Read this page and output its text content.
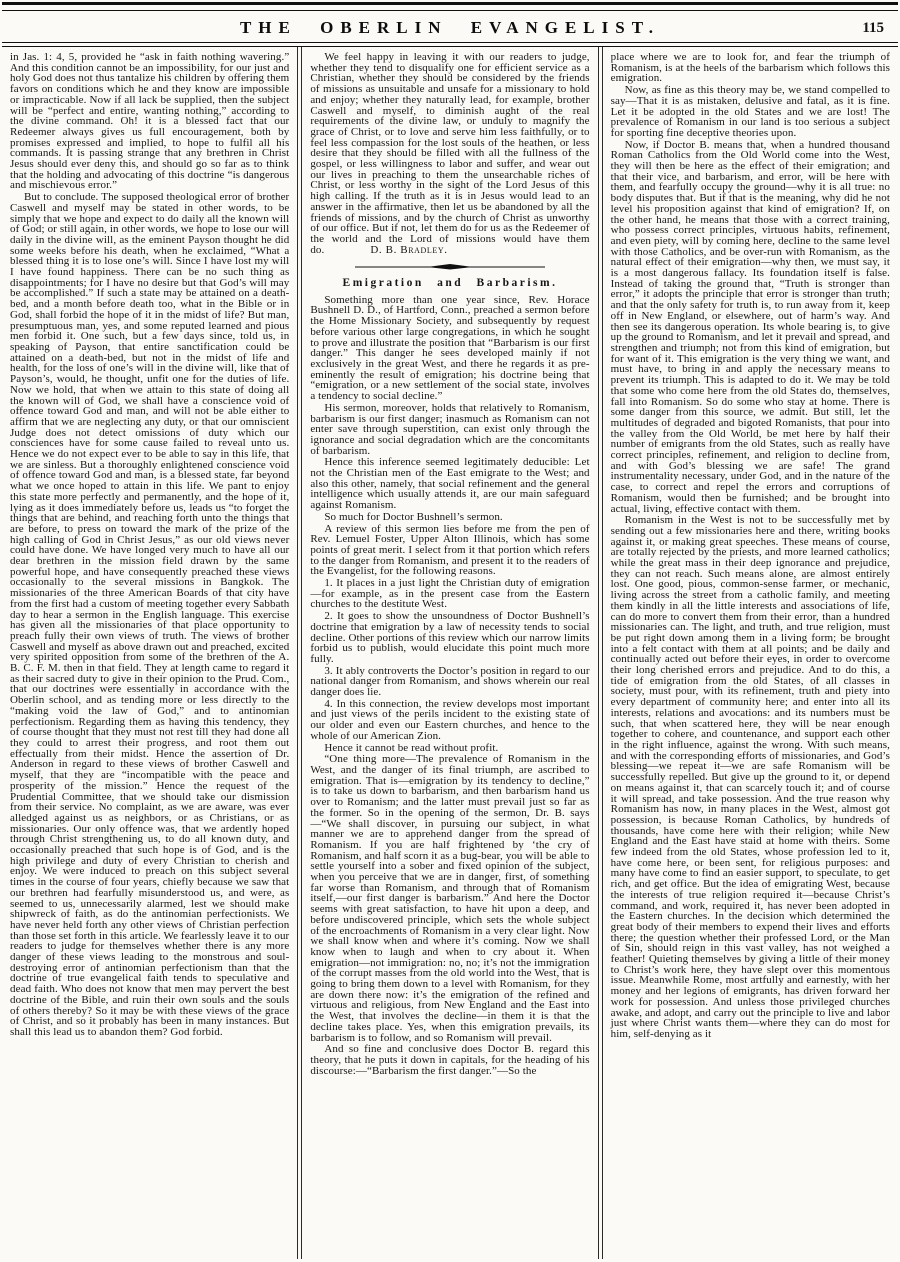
THE OBERLIN EVANGELIST.	115

in Jas. 1: 4, 5, provided he “ask in faith nothing wavering.” And this condition cannot be an impossibility, for our just and holy God does not thus tantalize his children by offering them favors on conditions which he and they know are impossible or impracticable. Now if all lack be supplied, then the subject will be “perfect and entire, wanting nothing,” according to the divine command. Oh! it is a blessed fact that our Redeemer always gives us full encouragement, both by promises expressed and implied, to hope to fulfil all his commands. It is passing strange that any brethren in Christ Jesus should ever deny this, and should go so far as to think that the holding and advocating of this doctrine “is dangerous and mischievous error.”

But to conclude. The supposed theological error of brother Caswell and myself may be stated in other words, to be simply that we hope and expect to do daily all the known will of God; or still again, in other words, we hope to lose our will daily in the divine will, as the eminent Payson thought he did some weeks before his death, when he exclaimed, “What a blessed thing it is to lose one’s will. Since I have lost my will I have found happiness. There can be no such thing as disappointments; for I have no desire but that God’s will may be accomplished.” If such a state may be attained on a death-bed, and a month before death too, what in the Bible or in God, shall forbid the hope of it in the midst of life? But man, presumptuous man, yes, and some reputed learned and pious men forbid it. One such, but a few days since, told us, in speaking of Payson, that entire sanctification could be attained on a death-bed, but not in the midst of life and health, for the loss of one’s will in the divine will, like that of Payson’s, would, he thought, unfit one for the duties of life. Now we hold, that when we attain to this state of doing all the known will of God, we shall have a conscience void of offence toward God and man, and will not be able either to affirm that we are neglecting any duty, or that our omniscient Judge does not detect omissions of duty which our consciences have for some cause failed to reveal unto us. Hence we do not expect ever to be able to say in this life, that we are sinless. But a thoroughly enlightened conscience void of offence toward God and man, is a blessed state, far beyond what we once hoped to attain in this life. We pant to enjoy this state more perfectly and permanently, and the hope of it, lying as it does immediately before us, leads us “to forget the things that are behind, and reaching forth unto the things that are before, to press on toward the mark of the prize of the high calling of God in Christ Jesus,” as our old views never could have done. We have longed very much to have all our dear brethren in the mission field drawn by the same powerful hope, and have consequently preached these views occasionally to the several missions in Bangkok. The missionaries of the three American Boards of that city have from the first had a custom of meeting together every Sabbath day to hear a sermon in the English language. This exercise has given all the missionaries of that place opportunity to preach fully their own views of truth. The views of brother Caswell and myself as above drawn out and preached, excited very spirited opposition from some of the brethren of the A. B. C. F. M. then in that field. They at length came to regard it as their sacred duty to give in their opinion to the Prud. Com., that our doctrines were essentially in accordance with the Oberlin school, and as tending more or less directly to the “making void the law of God,” and to antinomian perfectionism. Regarding them as having this tendency, they of course thought that they must not rest till they had done all they could to arrest their progress, and root them out effectually from their midst. Hence the assertion of Dr. Anderson in regard to these views of brother Caswell and myself, that they are “incompatible with the peace and prosperity of the mission.” Hence the request of the Prudential Committee, that we should take our dismission from their service. No complaint, as we are aware, was ever alledged against us as neighbors, or as Christians, or as missionaries. Our only offence was, that we ardently hoped through Christ strengthening us, to do all known duty, and occasionally preached that such hope is of God, and is the high privilege and duty of every Christian to cherish and enjoy. We were induced to preach on this subject several times in the course of four years, chiefly because we saw that our brethren had fearfully misunderstood us, and were, as seemed to us, unnecessarily alarmed, lest we should make shipwreck of faith, as do the antinomian perfectionists. We have never held forth any other views of Christian perfection than those set forth in this article. We fearlessly leave it to our readers to judge for themselves whether there is any more danger of these views leading to the monstrous and soul-destroying error of antinomian perfectionism than that the doctrine of true evangelical faith tends to speculative and dead faith. Who does not know that men may pervert the best doctrine of the Bible, and ruin their own souls and the souls of others thereby? So it may be with these views of the grace of Christ, and so it probably has been in many instances. But shall this lead us to abandon them? God forbid.

We feel happy in leaving it with our readers to judge, whether they tend to disqualify one for efficient service as a Christian, whether they should be considered by the friends of missions as unsuitable and unsafe for a missionary to hold and enjoy; whether they naturally lead, for example, brother Caswell and myself, to diminish aught of the real requirements of the divine law, or unduly to magnify the grace of Christ, or to love and serve him less faithfully, or to feel less compassion for the lost souls of the heathen, or less desire that they should be filled with all the fullness of the gospel, or less willingness to labor and suffer, and wear out our lives in preaching to them the unsearchable riches of Christ, or less worthy in the sight of the Lord Jesus of this high calling. If the truth as it is in Jesus would lead to an answer in the affirmative, then let us be abandoned by all the friends of missions, and by the church of Christ as unworthy of our office. But if not, let them do for us as the Redeemer of the world and the Lord of missions would have them do.	D. B. Bradley.

Emigration and Barbarism.

Something more than one year since, Rev. Horace Bushnell D. D., of Hartford, Conn., preached a sermon before the Home Missionary Society, and subsequently by request before various other large congregations, in which he sought to prove and illustrate the position that “Barbarism is our first danger.” This danger he sees developed mainly if not exclusively in the great West, and there he regards it as pre-eminently the result of emigration; his doctrine being that “emigration, or a new settlement of the social state, involves a tendency to social decline.”

His sermon, moreover, holds that relatively to Romanism, barbarism is our first danger; inasmuch as Romanism can not enter save through superstition, can exist only through the ignorance and social degradation which are the concomitants of barbarism.

Hence this inference seemed legitimately deducible: Let not the Christian men of the East emigrate to the West; and also this other, namely, that social refinement and the general intelligence which usually attends it, are our main safeguard against Romanism.

So much for Doctor Bushnell’s sermon.

A review of this sermon lies before me from the pen of Rev. Lemuel Foster, Upper Alton Illinois, which has some points of great merit. I select from it that portion which refers to the danger from Romanism, and present it to the readers of the Evangelist, for the following reasons.

1. It places in a just light the Christian duty of emigration—for example, as in the present case from the Eastern churches to the destitute West.

2. It goes to show the unsoundness of Doctor Bushnell’s doctrine that emigration by a law of necessity tends to social decline. Other portions of this review which our narrow limits forbid us to publish, would elucidate this point much more fully.

3. It ably controverts the Doctor’s position in regard to our national danger from Romanism, and shows wherein our real danger does lie.

4. In this connection, the review develops most important and just views of the perils incident to the existing state of our older and even our Eastern churches, and hence to the whole of our American Zion.

Hence it cannot be read without profit.

“One thing more—The prevalence of Romanism in the West, and the danger of its final triumph, are ascribed to emigration. That is—emigration by its tendency to decline,” is to take us down to barbarism, and then barbarism hand us over to Romanism; and the latter must prevail just so far as the former. So in the opening of the sermon, Dr. B. says—“We shall discover, in pursuing our subject, in what manner we are to apprehend danger from the spread of Romanism. If you are half frightened by ‘the cry of Romanism, and half scorn it as a bug-bear, you will be able to settle yourself into a sober and fixed opinion of the subject, when you perceive that we are in danger, first, of something far worse than Romanism, and through that of Romanism itself,—our first danger is barbarism.” And here the Doctor seems with great satisfaction, to have hit upon a deep, and before undiscovered principle, which sets the whole subject of the encroachments of Romanism in a very clear light. Now we shall know when and where it’s coming. Now we shall know when to laugh and when to cry about it. When emigration—not immigration: no, no; it’s not the immigration of the corrupt masses from the old world into the West, that is going to bring them down to a level with Romanism, for they are down there now: it’s the emigration of the refined and virtuous and religious, from New England and the East into the West, that involves the decline—in them it is that the decline takes place. Yes, when this emigration prevails, its barbarism is to follow, and so Romanism will prevail.

And so fine and conclusive does Doctor B. regard this theory, that he puts it down in capitals, for the heading of his discourse:—“Barbarism the first danger.”—So the

place where we are to look for, and fear the triumph of Romanism, is at the heels of the barbarism which follows this emigration.

Now, as fine as this theory may be, we stand compelled to say—That it is as mistaken, delusive and fatal, as it is fine. Let it be adopted in the old States and we are lost! The prevalence of Romanism in our land is too serious a subject for sporting fine deceptive theories upon.

Now, if Doctor B. means that, when a hundred thousand Roman Catholics from the Old World come into the West, they will then be here as the effect of their emigration; and that their vice, and barbarism, and error, will be here with them, and fearfully occupy the ground—why it is all true: no body disputes that. But if that is the meaning, why did he not level his proposition against that kind of emigration? If, on the other hand, he means that those with a correct training, who possess correct principles, virtuous habits, refinement, and even piety, will by coming here, decline to the same level with those Catholics, and be over-run with Romanism, as the natural effect of their emigration—why then, we must say, it is a most dangerous fallacy. Its foundation itself is false. Instead of taking the ground that, “Truth is stronger than error,” it adopts the principle that error is stronger than truth; and that the only safety for truth is, to run away from it, keep off in New England, or elsewhere, out of harm’s way. And then see its dangerous operation. Its whole bearing is, to give up the ground to Romanism, and let it prevail and spread, and strengthen and triumph; not from this kind of emigration, but for want of it. This emigration is the very thing we want, and must have, to bring in and apply the necessary means to prevent its triumph. This is adapted to do it. We may be told that some who come here from the old States do, themselves, fall into Romanism. So do some who stay at home. There is some danger from this source, we admit. But still, let the multitudes of degraded and bigoted Romanists, that pour into the valley from the Old World, be met here by half their number of emigrants from the old States, such as really have correct principles, refinement, and religion to decline from, and with God’s blessing we are safe! The grand instrumentality necessary, under God, and in the nature of the case, to correct and repel the errors and corruptions of Romanism, would then be furnished; and be brought into actual, living, effective contact with them.

Romanism in the West is not to be successfully met by sending out a few missionaries here and there, writing books against it, or making great speeches. These means of course, are totally rejected by the priests, and more learned catholics; while the great mass in their deep ignorance and prejudice, they can not reach. Such means alone, are almost entirely lost. One good, pious, common-sense farmer, or mechanic, living across the street from a catholic family, and meeting them kindly in all the little interests and associations of life, can do more to convert them from their error, than a hundred missionaries can. The light, and truth, and true religion, must be put right down among them in a living form; be brought into a felt contact with them at all points; and be daily and continually acted out before their eyes, in order to overcome their long cherished errors and prejudice. And to do this, a tide of emigration from the old States, of all classes in society, must pour, with its refinement, truth and piety into every department of community here; and enter into all its interests, relations and avocations: and its numbers must be such, that when scattered here, they will be near enough together to cohere, and countenance, and support each other in the right influence, against the wrong. With such means, and with the corresponding efforts of missionaries, and God’s blessing—we repeat it—we are safe Romanism will be successfully repelled. But give up the ground to it, or depend on means against it, that can scarcely touch it; and of course it will spread, and take possession. And the true reason why Romanism has now, in many places in the West, almost got possession, is because Roman Catholics, by hundreds of thousands, have come here with their religion; while New England and the East have staid at home with theirs. Some few indeed from the old States, whose profession led to it, have come here, or been sent, for religious purposes: and many have come to find an easier support, to speculate, to get rich, and get office. But the idea of emigrating West, because the interests of true religion required it—because Christ’s command, and work, required it, has never been adopted in the Eastern churches. In the decision which determined the great body of their members to expend their lives and efforts there; the question whether their professed Lord, or the Man of Sin, should reign in this vast valley, has not weighed a feather! Quieting themselves by giving a little of their money to Christ’s work here, they have slept over this momentous issue. Meanwhile Rome, most artfully and earnestly, with her money and her legions of emigrants, has driven forward her work for possession. And unless those privileged churches awake, and adopt, and carry out the principle to live and labor just where Christ wants them—where they can do most for him, self-denying as it
